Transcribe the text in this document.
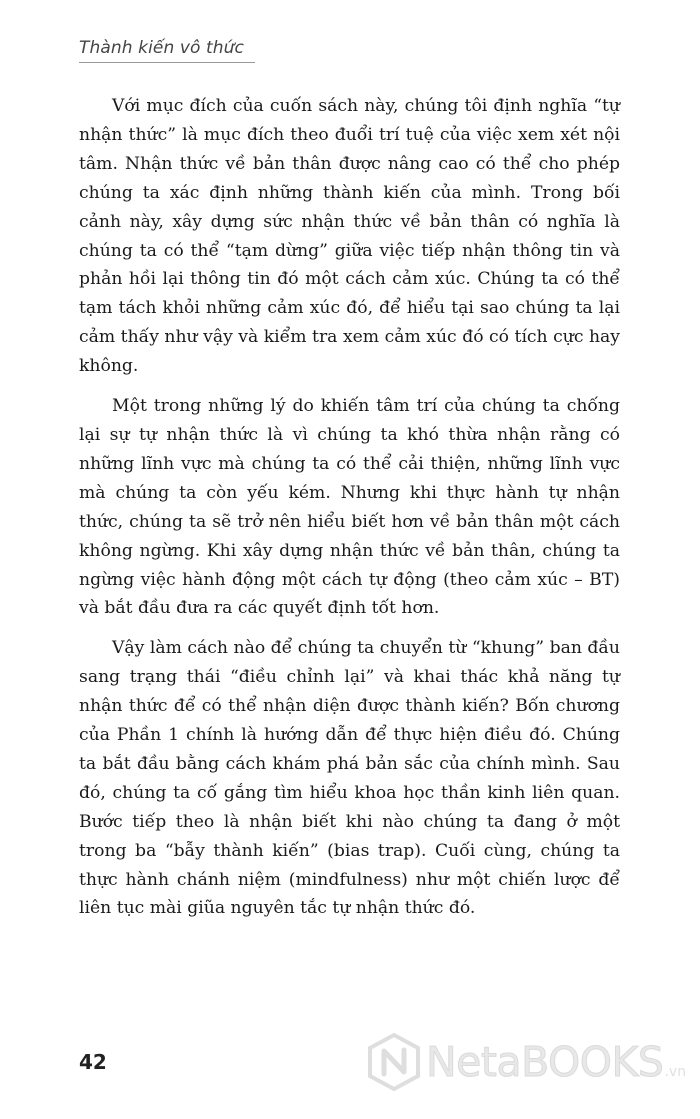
Thành kiến vô thức

Với mục đích của cuốn sách này, chúng tôi định nghĩa “tự nhận thức” là mục đích theo đuổi trí tuệ của việc xem xét nội tâm. Nhận thức về bản thân được nâng cao có thể cho phép chúng ta xác định những thành kiến của mình. Trong bối cảnh này, xây dựng sức nhận thức về bản thân có nghĩa là chúng ta có thể “tạm dừng” giữa việc tiếp nhận thông tin và phản hồi lại thông tin đó một cách cảm xúc. Chúng ta có thể tạm tách khỏi những cảm xúc đó, để hiểu tại sao chúng ta lại cảm thấy như vậy và kiểm tra xem cảm xúc đó có tích cực hay không.

Một trong những lý do khiến tâm trí của chúng ta chống lại sự tự nhận thức là vì chúng ta khó thừa nhận rằng có những lĩnh vực mà chúng ta có thể cải thiện, những lĩnh vực mà chúng ta còn yếu kém. Nhưng khi thực hành tự nhận thức, chúng ta sẽ trở nên hiểu biết hơn về bản thân một cách không ngừng. Khi xây dựng nhận thức về bản thân, chúng ta ngừng việc hành động một cách tự động (theo cảm xúc – BT) và bắt đầu đưa ra các quyết định tốt hơn.

Vậy làm cách nào để chúng ta chuyển từ “khung” ban đầu sang trạng thái “điều chỉnh lại” và khai thác khả năng tự nhận thức để có thể nhận diện được thành kiến? Bốn chương của Phần 1 chính là hướng dẫn để thực hiện điều đó. Chúng ta bắt đầu bằng cách khám phá bản sắc của chính mình. Sau đó, chúng ta cố gắng tìm hiểu khoa học thần kinh liên quan. Bước tiếp theo là nhận biết khi nào chúng ta đang ở một trong ba “bẫy thành kiến” (bias trap). Cuối cùng, chúng ta thực hành chánh niệm (mindfulness) như một chiến lược để liên tục mài giũa nguyên tắc tự nhận thức đó.

42	NetaBOOKS .vn
